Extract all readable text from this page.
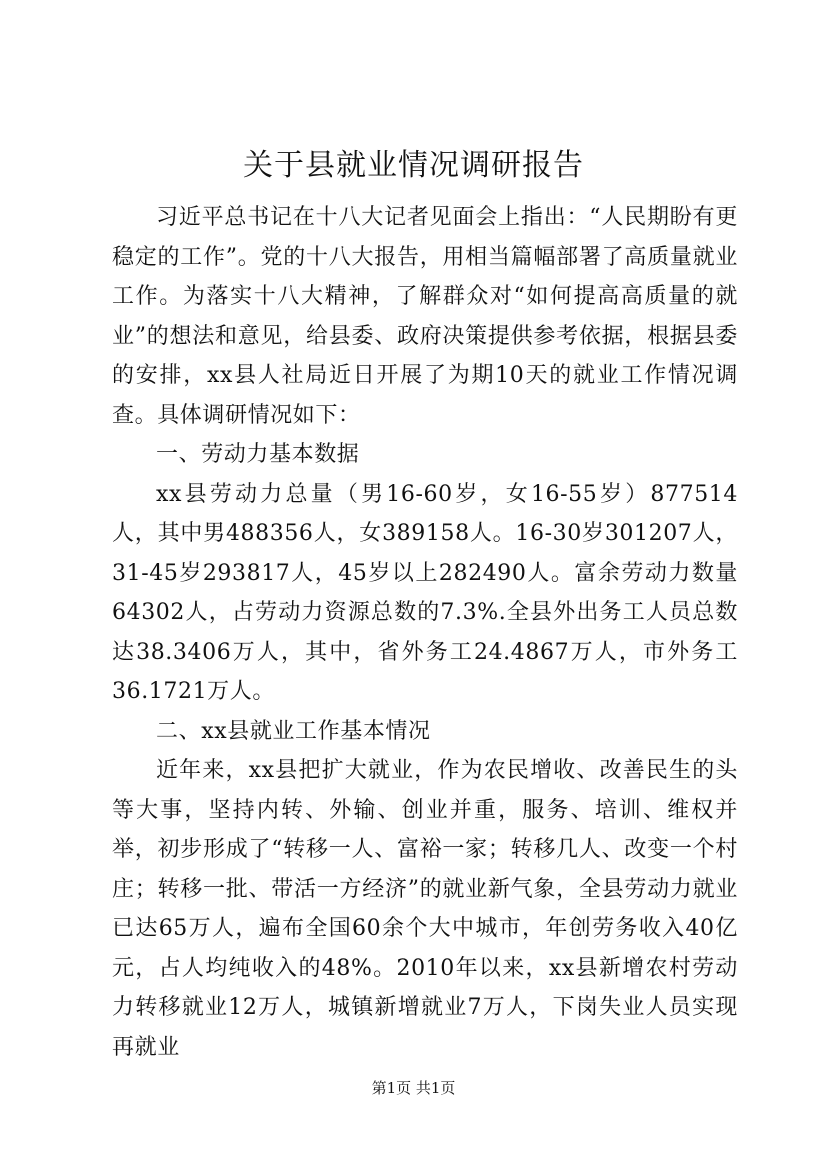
关于县就业情况调研报告

习近平总书记在十八大记者见面会上指出：“人民期盼有更稳定的工作”。党的十八大报告，用相当篇幅部署了高质量就业工作。为落实十八大精神，了解群众对“如何提高高质量的就业”的想法和意见，给县委、政府决策提供参考依据，根据县委的安排，xx县人社局近日开展了为期10天的就业工作情况调查。具体调研情况如下：

一、劳动力基本数据

xx县劳动力总量（男16-60岁，女16-55岁）877514人，其中男488356人，女389158人。16-30岁301207人，31-45岁293817人，45岁以上282490人。富余劳动力数量64302人，占劳动力资源总数的7.3%.全县外出务工人员总数达38.3406万人，其中，省外务工24.4867万人，市外务工36.1721万人。

二、xx县就业工作基本情况

近年来，xx县把扩大就业，作为农民增收、改善民生的头等大事，坚持内转、外输、创业并重，服务、培训、维权并举，初步形成了“转移一人、富裕一家；转移几人、改变一个村庄；转移一批、带活一方经济”的就业新气象，全县劳动力就业已达65万人，遍布全国60余个大中城市，年创劳务收入40亿元，占人均纯收入的48%。2010年以来，xx县新增农村劳动力转移就业12万人，城镇新增就业7万人，下岗失业人员实现再就业

第1页 共1页
